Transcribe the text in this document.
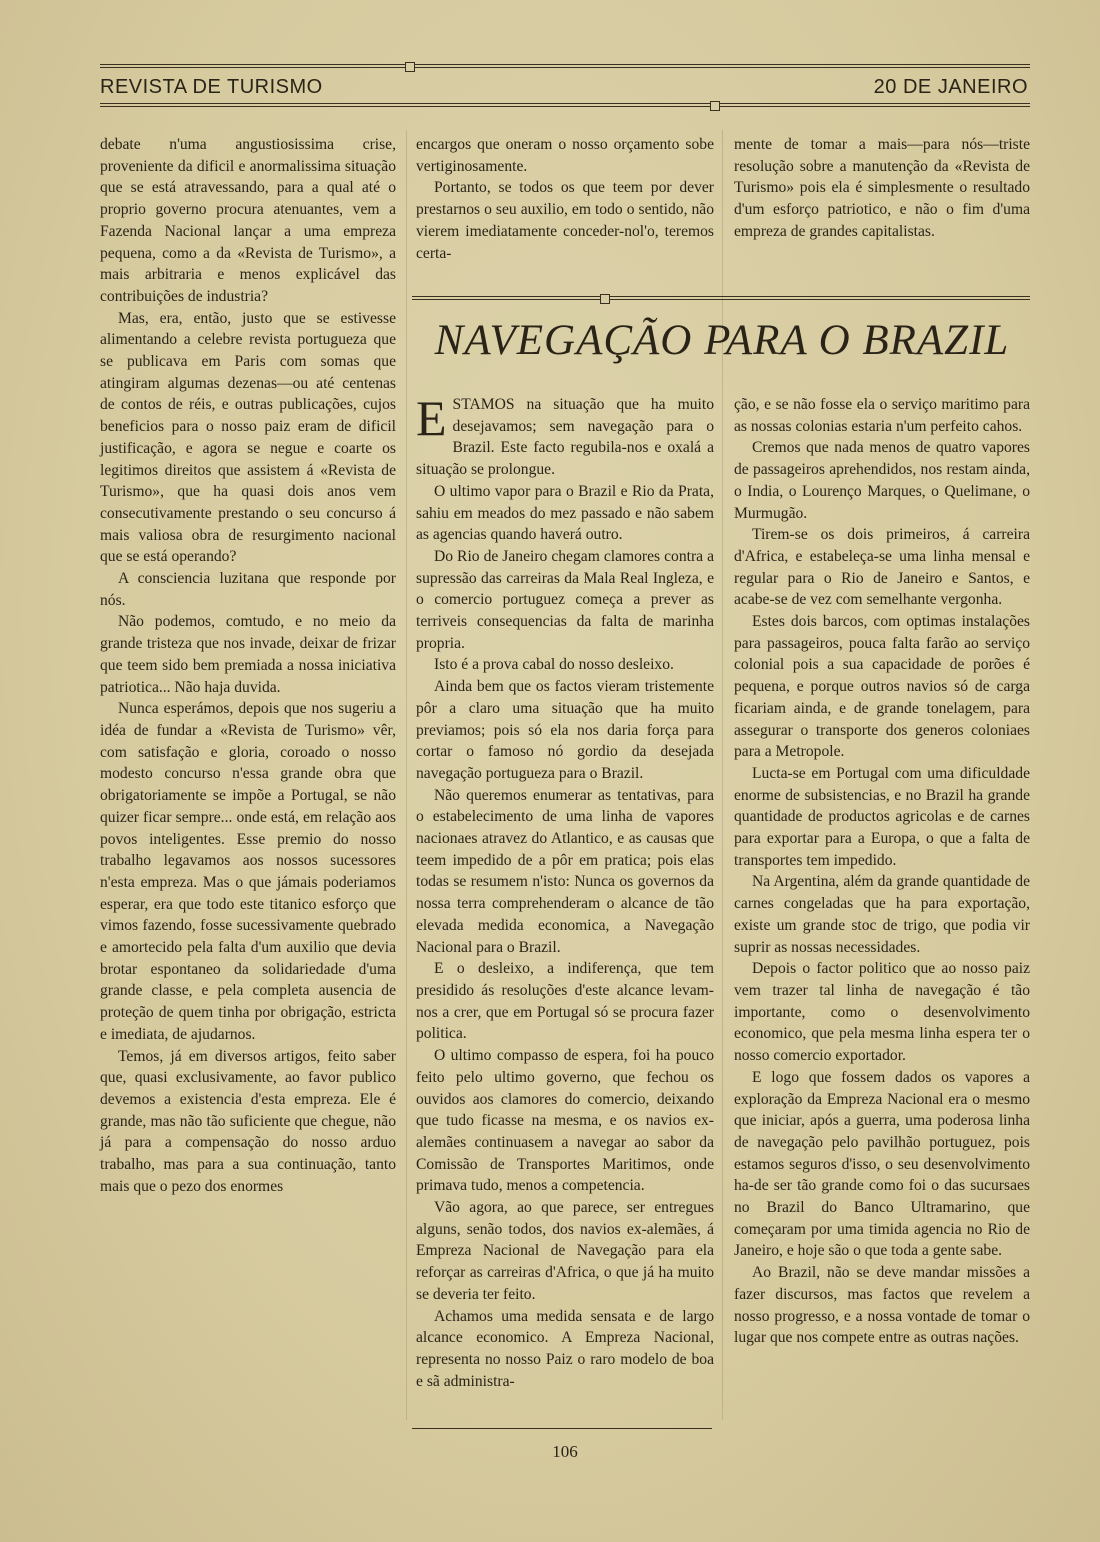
REVISTA DE TURISMO	20 DE JANEIRO

debate n'uma angustiosissima crise, proveniente da dificil e anormalissima situação que se está atravessando, para a qual até o proprio governo procura atenuantes, vem a Fazenda Nacional lançar a uma empreza pequena, como a da «Revista de Turismo», a mais arbitraria e menos explicável das contribuições de industria?

Mas, era, então, justo que se estivesse alimentando a celebre revista portugueza que se publicava em Paris com somas que atingiram algumas dezenas—ou até centenas de contos de réis, e outras publicações, cujos beneficios para o nosso paiz eram de dificil justificação, e agora se negue e coarte os legitimos direitos que assistem á «Revista de Turismo», que ha quasi dois anos vem consecutivamente prestando o seu concurso á mais valiosa obra de resurgimento nacional que se está operando?

A consciencia luzitana que responde por nós.

Não podemos, comtudo, e no meio da grande tristeza que nos invade, deixar de frizar que teem sido bem premiada a nossa iniciativa patriotica... Não haja duvida.

Nunca esperámos, depois que nos sugeriu a idéa de fundar a «Revista de Turismo» vêr, com satisfação e gloria, coroado o nosso modesto concurso n'essa grande obra que obrigatoriamente se impõe a Portugal, se não quizer ficar sempre... onde está, em relação aos povos inteligentes. Esse premio do nosso trabalho legavamos aos nossos sucessores n'esta empreza. Mas o que jámais poderiamos esperar, era que todo este titanico esforço que vimos fazendo, fosse sucessivamente quebrado e amortecido pela falta d'um auxilio que devia brotar espontaneo da solidariedade d'uma grande classe, e pela completa ausencia de proteção de quem tinha por obrigação, estricta e imediata, de ajudarnos.

Temos, já em diversos artigos, feito saber que, quasi exclusivamente, ao favor publico devemos a existencia d'esta empreza. Ele é grande, mas não tão suficiente que chegue, não já para a compensação do nosso arduo trabalho, mas para a sua continuação, tanto mais que o pezo dos enormes

encargos que oneram o nosso orçamento sobe vertiginosamente.

Portanto, se todos os que teem por dever prestarnos o seu auxilio, em todo o sentido, não vierem imediatamente conceder-nol'o, teremos certa-

mente de tomar a mais—para nós—triste resolução sobre a manutenção da «Revista de Turismo» pois ela é simplesmente o resultado d'um esforço patriotico, e não o fim d'uma empreza de grandes capitalistas.

NAVEGAÇÃO PARA O BRAZIL

ESTAMOS na situação que ha muito desejavamos; sem navegação para o Brazil. Este facto regubila-nos e oxalá a situação se prolongue.

O ultimo vapor para o Brazil e Rio da Prata, sahiu em meados do mez passado e não sabem as agencias quando haverá outro.

Do Rio de Janeiro chegam clamores contra a supressão das carreiras da Mala Real Ingleza, e o comercio portuguez começa a prever as terriveis consequencias da falta de marinha propria.

Isto é a prova cabal do nosso desleixo.

Ainda bem que os factos vieram tristemente pôr a claro uma situação que ha muito previamos; pois só ela nos daria força para cortar o famoso nó gordio da desejada navegação portugueza para o Brazil.

Não queremos enumerar as tentativas, para o estabelecimento de uma linha de vapores nacionaes atravez do Atlantico, e as causas que teem impedido de a pôr em pratica; pois elas todas se resumem n'isto: Nunca os governos da nossa terra comprehenderam o alcance de tão elevada medida economica, a Navegação Nacional para o Brazil.

E o desleixo, a indiferença, que tem presidido ás resoluções d'este alcance levam-nos a crer, que em Portugal só se procura fazer politica.

O ultimo compasso de espera, foi ha pouco feito pelo ultimo governo, que fechou os ouvidos aos clamores do comercio, deixando que tudo ficasse na mesma, e os navios ex-alemães continuasem a navegar ao sabor da Comissão de Transportes Maritimos, onde primava tudo, menos a competencia.

Vão agora, ao que parece, ser entregues alguns, senão todos, dos navios ex-alemães, á Empreza Nacional de Navegação para ela reforçar as carreiras d'Africa, o que já ha muito se deveria ter feito.

Achamos uma medida sensata e de largo alcance economico. A Empreza Nacional, representa no nosso Paiz o raro modelo de boa e sã administra-

ção, e se não fosse ela o serviço maritimo para as nossas colonias estaria n'um perfeito cahos.

Cremos que nada menos de quatro vapores de passageiros aprehendidos, nos restam ainda, o India, o Lourenço Marques, o Quelimane, o Murmugão.

Tirem-se os dois primeiros, á carreira d'Africa, e estabeleça-se uma linha mensal e regular para o Rio de Janeiro e Santos, e acabe-se de vez com semelhante vergonha.

Estes dois barcos, com optimas instalações para passageiros, pouca falta farão ao serviço colonial pois a sua capacidade de porões é pequena, e porque outros navios só de carga ficariam ainda, e de grande tonelagem, para assegurar o transporte dos generos coloniaes para a Metropole.

Lucta-se em Portugal com uma dificuldade enorme de subsistencias, e no Brazil ha grande quantidade de productos agricolas e de carnes para exportar para a Europa, o que a falta de transportes tem impedido.

Na Argentina, além da grande quantidade de carnes congeladas que ha para exportação, existe um grande stoc de trigo, que podia vir suprir as nossas necessidades.

Depois o factor politico que ao nosso paiz vem trazer tal linha de navegação é tão importante, como o desenvolvimento economico, que pela mesma linha espera ter o nosso comercio exportador.

E logo que fossem dados os vapores a exploração da Empreza Nacional era o mesmo que iniciar, após a guerra, uma poderosa linha de navegação pelo pavilhão portuguez, pois estamos seguros d'isso, o seu desenvolvimento ha-de ser tão grande como foi o das sucursaes no Brazil do Banco Ultramarino, que começaram por uma timida agencia no Rio de Janeiro, e hoje são o que toda a gente sabe.

Ao Brazil, não se deve mandar missões a fazer discursos, mas factos que revelem a nosso progresso, e a nossa vontade de tomar o lugar que nos compete entre as outras nações.

106
